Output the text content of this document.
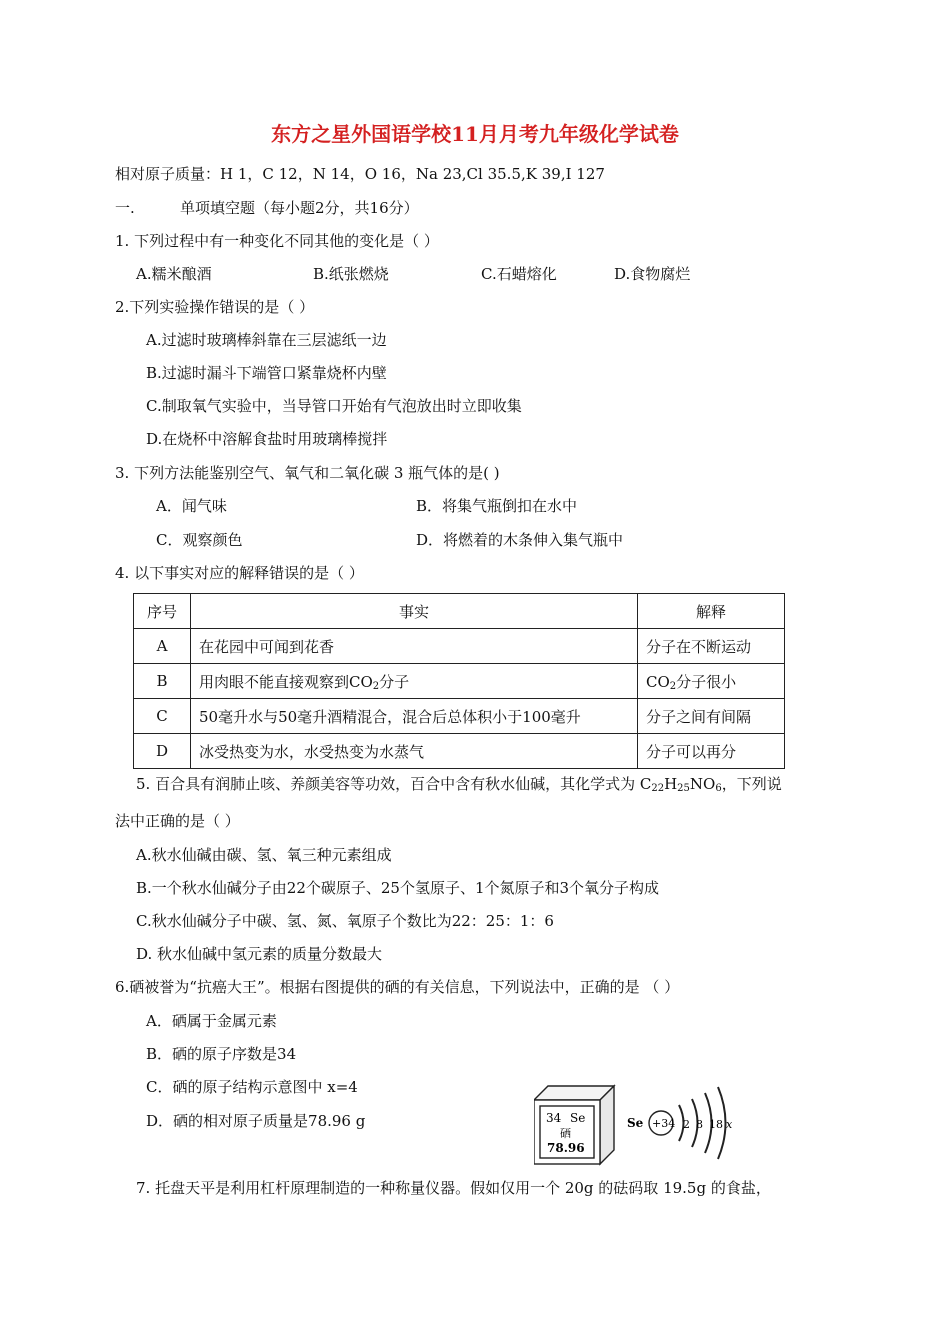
东方之星外国语学校11月月考九年级化学试卷
相对原子质量：H 1，C 12，N 14，O 16，Na 23,Cl 35.5,K 39,I 127
一.	单项填空题（每小题2分，共16分）
1. 下列过程中有一种变化不同其他的变化是（ ）
A.糯米酿酒	B.纸张燃烧	C.石蜡熔化	D.食物腐烂
2.下列实验操作错误的是（ ）
A.过滤时玻璃棒斜靠在三层滤纸一边
B.过滤时漏斗下端管口紧靠烧杯内壁
C.制取氧气实验中，当导管口开始有气泡放出时立即收集
D.在烧杯中溶解食盐时用玻璃棒搅拌
3. 下列方法能鉴别空气、氧气和二氧化碳 3 瓶气体的是( )
A．闻气味	B．将集气瓶倒扣在水中
C．观察颜色	D．将燃着的木条伸入集气瓶中
4. 以下事实对应的解释错误的是（ ）
序号	事实	解释
A	在花园中可闻到花香	分子在不断运动
B	用肉眼不能直接观察到$CO_2$分子	$CO_2$分子很小
C	50毫升水与50毫升酒精混合，混合后总体积小于100毫升	分子之间有间隔
D	冰受热变为水，水受热变为水蒸气	分子可以再分
5. 百合具有润肺止咳、养颜美容等功效，百合中含有秋水仙碱，其化学式为 $C_{22}H_{25}NO_6$，下列说
法中正确的是（ ）
A.秋水仙碱由碳、氢、氧三种元素组成
B.一个秋水仙碱分子由22个碳原子、25个氢原子、1个氮原子和3个氧分子构成
C.秋水仙碱分子中碳、氢、氮、氧原子个数比为22：25：1：6
D. 秋水仙碱中氢元素的质量分数最大
6.硒被誉为“抗癌大王”。根据右图提供的硒的有关信息，下列说法中，正确的是 （ ）
A．硒属于金属元素
B．硒的原子序数是34
C．硒的原子结构示意图中 x=4
D．硒的相对原子质量是78.96 g	34 Se
硒
78.96
Se +34 2 8 18 x
7. 托盘天平是利用杠杆原理制造的一种称量仪器。假如仅用一个 20g 的砝码取 19.5g 的食盐，
